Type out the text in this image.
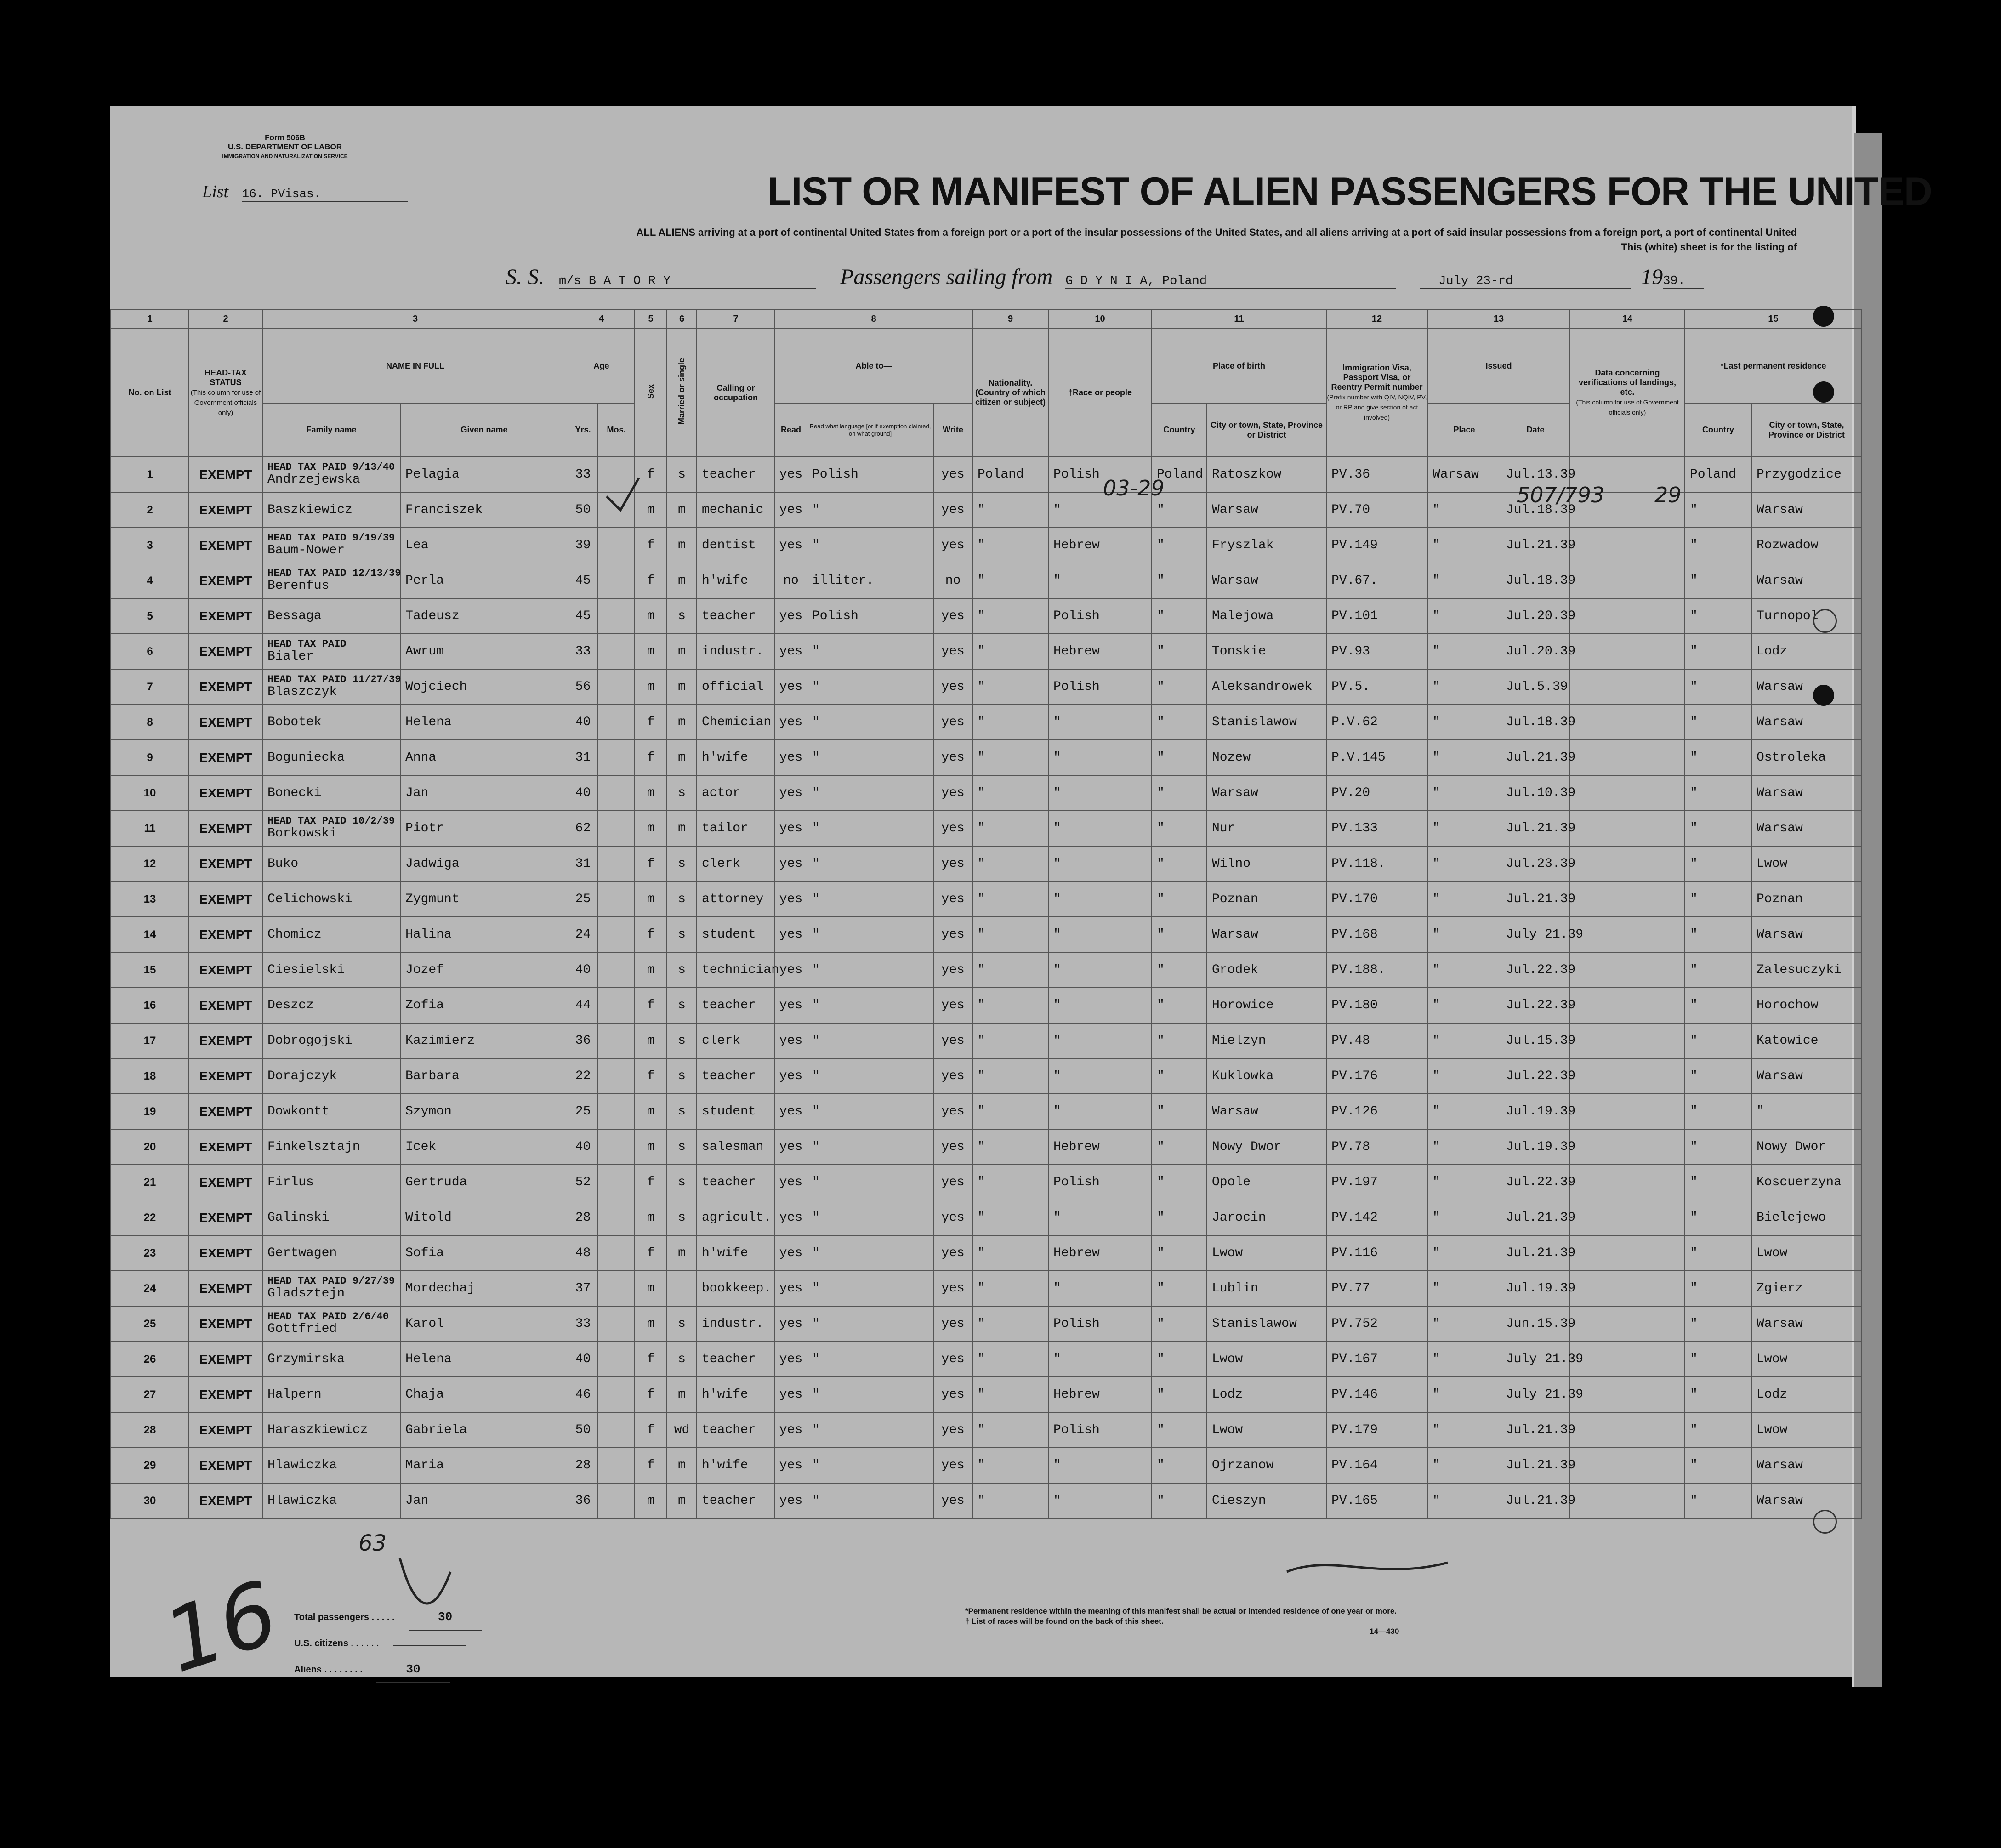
Form 506B
U.S. DEPARTMENT OF LABOR
IMMIGRATION AND NATURALIZATION SERVICE
List 16. PVisas.	LIST OR MANIFEST OF ALIEN PASSENGERS FOR THE UNITED
ALL ALIENS arriving at a port of continental United States from a foreign port or a port of the insular possessions of the United States, and all aliens arriving at a port of said insular possessions from a foreign port, a port of continental United
This (white) sheet is for the listing of
S. S. m/s B A T O R Y	Passengers sailing from G D Y N I A, Poland	July 23-rd	1939.
1	2	3		4		5	6	7	8			9	10	11		12	13		14	15	
No. on List	HEAD-TAX STATUS
(This column for use of Government officials only)	NAME IN FULL		Age		Sex	Married or single	Calling or occupation	Able to—			Nationality. (Country of which citizen or subject)	†Race or people	Place of birth		Immigration Visa, Passport Visa, or Reentry Permit number
(Prefix number with QIV, NQIV, PV, or RP and give section of act involved)	Issued		Data concerning verifications of landings, etc.
(This column for use of Government officials only)	*Last permanent residence	
		Family name	Given name	Yrs.	Mos.				Read	Read what language [or if exemption claimed, on what ground]	Write			Country	City or town, State, Province or District		Place	Date		Country	City or town, State, Province or District
1	EXEMPT	HEAD TAX PAID 9/13/40
Andrzejewska	Pelagia	33		f	s	teacher	yes	Polish	yes	Poland	Polish	Poland	Ratoszkow	PV.36	Warsaw	Jul.13.39		Poland	Przygodzice
2	EXEMPT	Baszkiewicz	Franciszek	50		m	m	mechanic	yes	"	yes	"	"	"	Warsaw	PV.70	"	Jul.18.39		"	Warsaw
3	EXEMPT	HEAD TAX PAID 9/19/39
Baum-Nower	Lea	39		f	m	dentist	yes	"	yes	"	Hebrew	"	Fryszlak	PV.149	"	Jul.21.39		"	Rozwadow
4	EXEMPT	HEAD TAX PAID 12/13/39
Berenfus	Perla	45		f	m	h'wife	no	illiter.	no	"	"	"	Warsaw	PV.67.	"	Jul.18.39		"	Warsaw
5	EXEMPT	Bessaga	Tadeusz	45		m	s	teacher	yes	Polish	yes	"	Polish	"	Malejowa	PV.101	"	Jul.20.39		"	Turnopol
6	EXEMPT	HEAD TAX PAID
Bialer	Awrum	33		m	m	industr.	yes	"	yes	"	Hebrew	"	Tonskie	PV.93	"	Jul.20.39		"	Lodz
7	EXEMPT	HEAD TAX PAID 11/27/39
Blaszczyk	Wojciech	56		m	m	official	yes	"	yes	"	Polish	"	Aleksandrowek	PV.5.	"	Jul.5.39		"	Warsaw
8	EXEMPT	Bobotek	Helena	40		f	m	Chemician	yes	"	yes	"	"	"	Stanislawow	P.V.62	"	Jul.18.39		"	Warsaw
9	EXEMPT	Boguniecka	Anna	31		f	m	h'wife	yes	"	yes	"	"	"	Nozew	P.V.145	"	Jul.21.39		"	Ostroleka
10	EXEMPT	Bonecki	Jan	40		m	s	actor	yes	"	yes	"	"	"	Warsaw	PV.20	"	Jul.10.39		"	Warsaw
11	EXEMPT	HEAD TAX PAID 10/2/39
Borkowski	Piotr	62		m	m	tailor	yes	"	yes	"	"	"	Nur	PV.133	"	Jul.21.39		"	Warsaw
12	EXEMPT	Buko	Jadwiga	31		f	s	clerk	yes	"	yes	"	"	"	Wilno	PV.118.	"	Jul.23.39		"	Lwow
13	EXEMPT	Celichowski	Zygmunt	25		m	s	attorney	yes	"	yes	"	"	"	Poznan	PV.170	"	Jul.21.39		"	Poznan
14	EXEMPT	Chomicz	Halina	24		f	s	student	yes	"	yes	"	"	"	Warsaw	PV.168	"	July 21.39		"	Warsaw
15	EXEMPT	Ciesielski	Jozef	40		m	s	technician	yes	"	yes	"	"	"	Grodek	PV.188.	"	Jul.22.39		"	Zalesuczyki
16	EXEMPT	Deszcz	Zofia	44		f	s	teacher	yes	"	yes	"	"	"	Horowice	PV.180	"	Jul.22.39		"	Horochow
17	EXEMPT	Dobrogojski	Kazimierz	36		m	s	clerk	yes	"	yes	"	"	"	Mielzyn	PV.48	"	Jul.15.39		"	Katowice
18	EXEMPT	Dorajczyk	Barbara	22		f	s	teacher	yes	"	yes	"	"	"	Kuklowka	PV.176	"	Jul.22.39		"	Warsaw
19	EXEMPT	Dowkontt	Szymon	25		m	s	student	yes	"	yes	"	"	"	Warsaw	PV.126	"	Jul.19.39		"	"
20	EXEMPT	Finkelsztajn	Icek	40		m	s	salesman	yes	"	yes	"	Hebrew	"	Nowy Dwor	PV.78	"	Jul.19.39		"	Nowy Dwor
21	EXEMPT	Firlus	Gertruda	52		f	s	teacher	yes	"	yes	"	Polish	"	Opole	PV.197	"	Jul.22.39		"	Koscuerzyna
22	EXEMPT	Galinski	Witold	28		m	s	agricult.	yes	"	yes	"	"	"	Jarocin	PV.142	"	Jul.21.39		"	Bielejewo
23	EXEMPT	Gertwagen	Sofia	48		f	m	h'wife	yes	"	yes	"	Hebrew	"	Lwow	PV.116	"	Jul.21.39		"	Lwow
24	EXEMPT	HEAD TAX PAID 9/27/39
Gladsztejn	Mordechaj	37		m		bookkeep.	yes	"	yes	"	"	"	Lublin	PV.77	"	Jul.19.39		"	Zgierz
25	EXEMPT	HEAD TAX PAID 2/6/40
Gottfried	Karol	33		m	s	industr.	yes	"	yes	"	Polish	"	Stanislawow	PV.752	"	Jun.15.39		"	Warsaw
26	EXEMPT	Grzymirska	Helena	40		f	s	teacher	yes	"	yes	"	"	"	Lwow	PV.167	"	July 21.39		"	Lwow
27	EXEMPT	Halpern	Chaja	46		f	m	h'wife	yes	"	yes	"	Hebrew	"	Lodz	PV.146	"	July 21.39		"	Lodz
28	EXEMPT	Haraszkiewicz	Gabriela	50		f	wd	teacher	yes	"	yes	"	Polish	"	Lwow	PV.179	"	Jul.21.39		"	Lwow
29	EXEMPT	Hlawiczka	Maria	28		f	m	h'wife	yes	"	yes	"	"	"	Ojrzanow	PV.164	"	Jul.21.39		"	Warsaw
30	EXEMPT	Hlawiczka	Jan	36		m	m	teacher	yes	"	yes	"	"	"	Cieszyn	PV.165	"	Jul.21.39		"	Warsaw
Total passengers . . . . .	30
U.S. citizens . . . . . .
Aliens . . . . . . . .	30
*Permanent residence within the meaning of this manifest shall be actual or intended residence of one year or more.
† List of races will be found on the back of this sheet.
14—430
16
63
507/793 29
03-29
